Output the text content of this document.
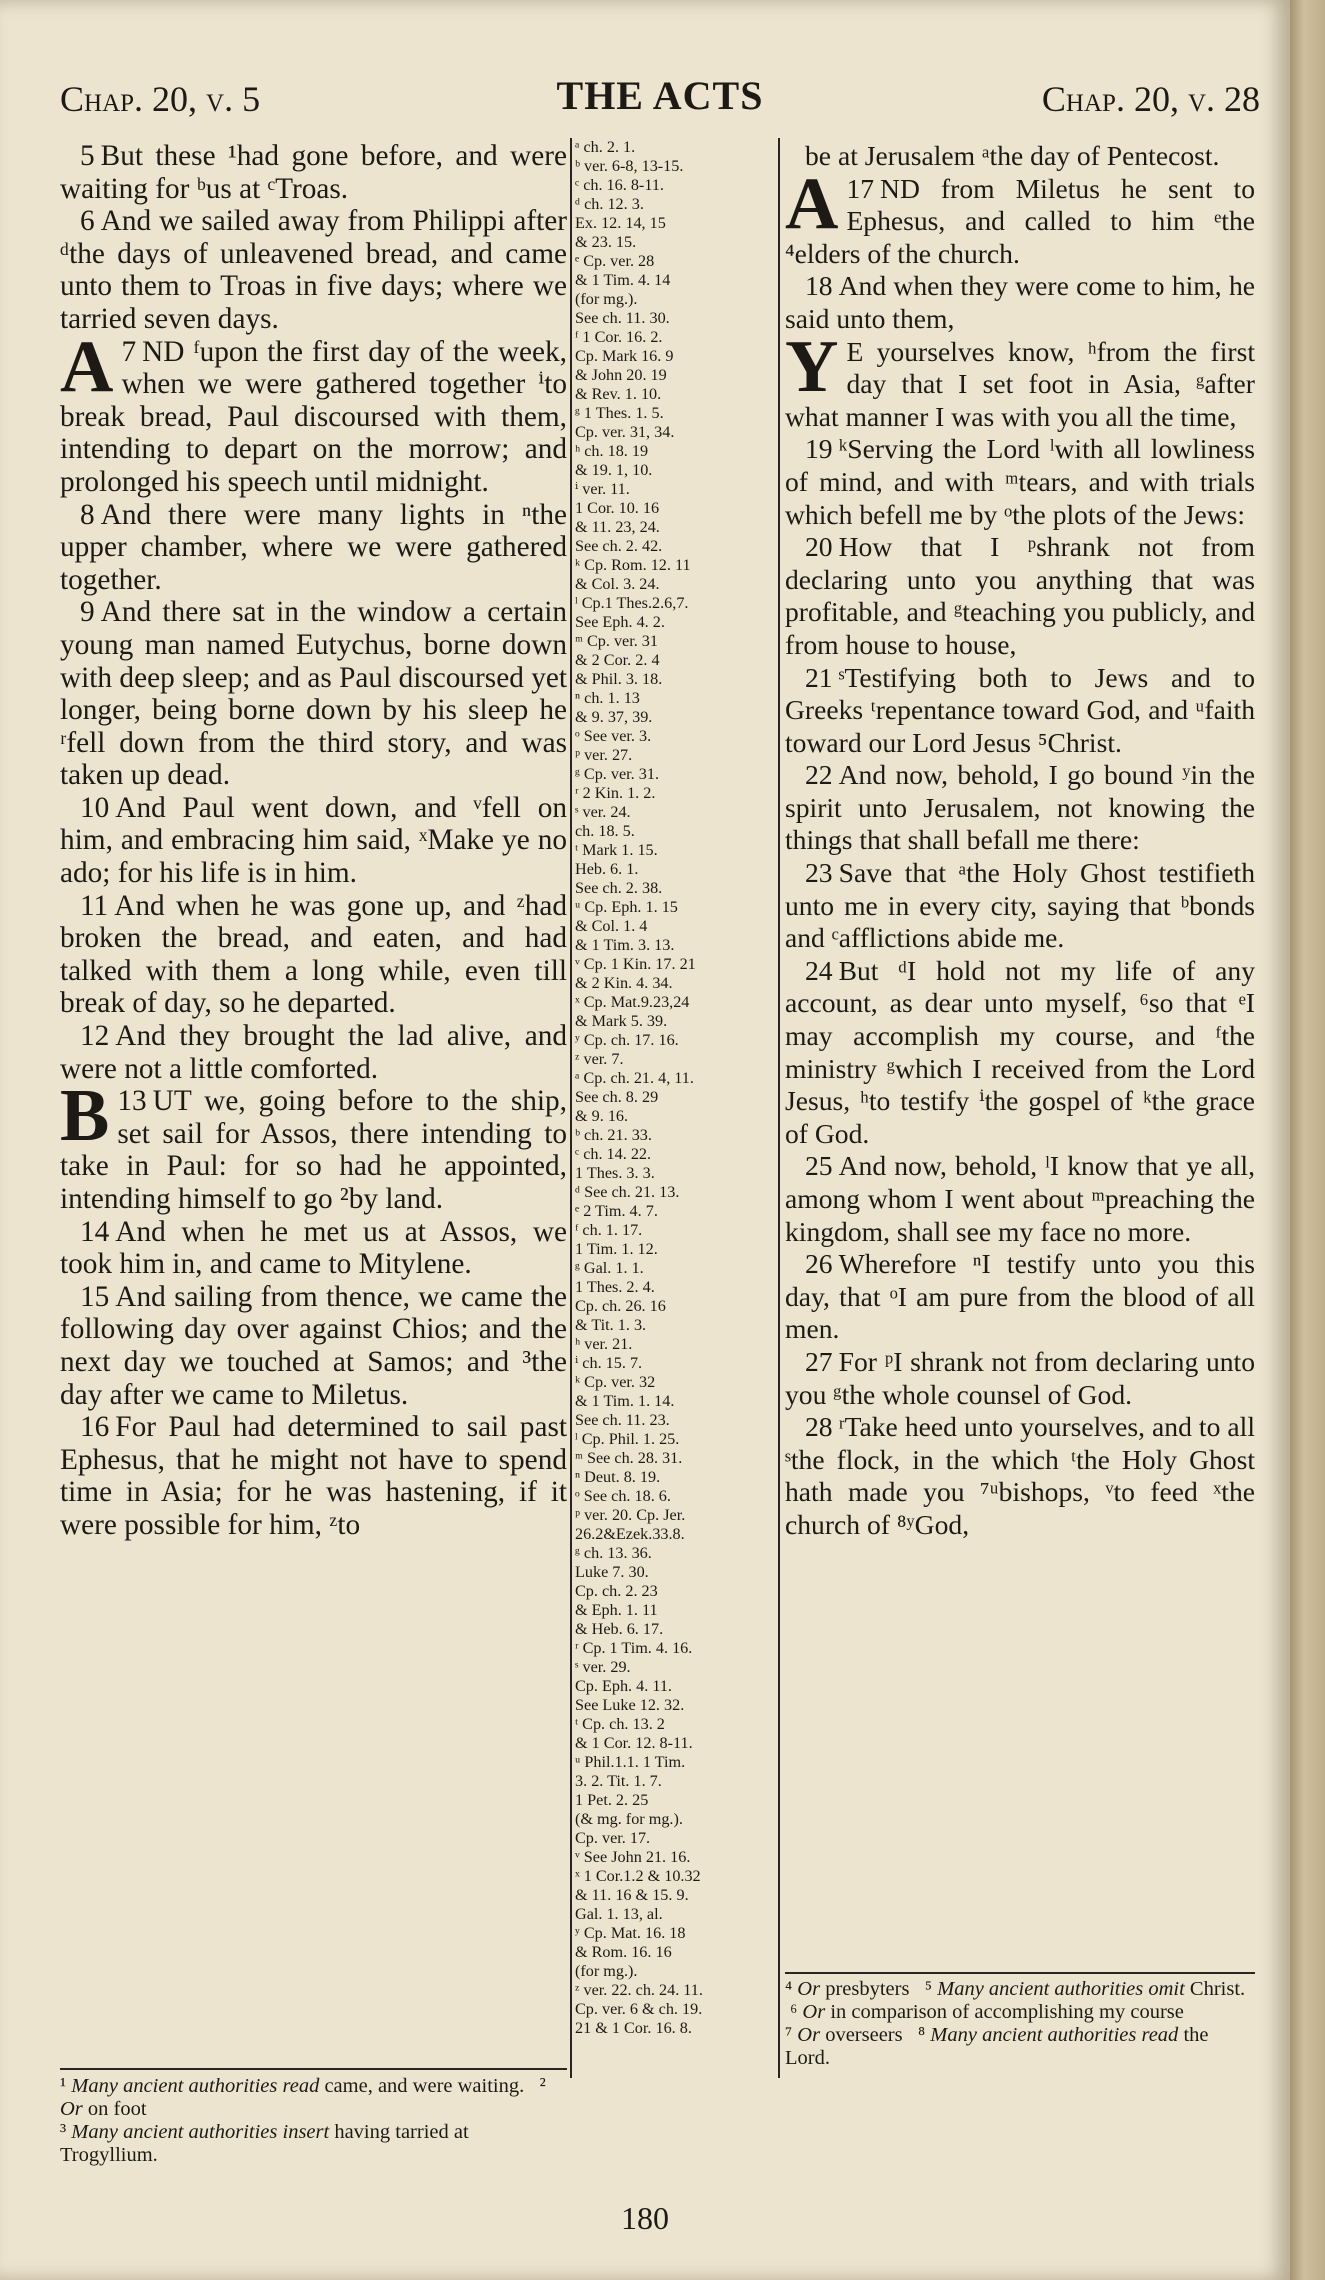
Chap. 20, v. 5	THE ACTS	Chap. 20, v. 28

5 But these ¹had gone before, and were waiting for ᵇus at ᶜTroas.

6 And we sailed away from Philippi after ᵈthe days of unleavened bread, and came unto them to Troas in five days; where we tarried seven days.

7
A ND ᶠupon the first day of the week, when we were gathered together ⁱto break bread, Paul discoursed with them, intending to depart on the morrow; and prolonged his speech until midnight.

8 And there were many lights in ⁿthe upper chamber, where we were gathered together.

9 And there sat in the window a certain young man named Eutychus, borne down with deep sleep; and as Paul discoursed yet longer, being borne down by his sleep he ʳfell down from the third story, and was taken up dead.

10 And Paul went down, and ᵛfell on him, and embracing him said, ˣMake ye no ado; for his life is in him.

11 And when he was gone up, and ᶻhad broken the bread, and eaten, and had talked with them a long while, even till break of day, so he departed.

12 And they brought the lad alive, and were not a little comforted.

13
B UT we, going before to the ship, set sail for Assos, there intending to take in Paul: for so had he appointed, intending himself to go ²by land.

14 And when he met us at Assos, we took him in, and came to Mitylene.

15 And sailing from thence, we came the following day over against Chios; and the next day we touched at Samos; and ³the day after we came to Miletus.

16 For Paul had determined to sail past Ephesus, that he might not have to spend time in Asia; for he was hastening, if it were possible for him, ᶻto

ᵃ ch. 2. 1.
ᵇ ver. 6-8, 13-15.
ᶜ ch. 16. 8-11.
ᵈ ch. 12. 3.
Ex. 12. 14, 15
& 23. 15.
ᵉ Cp. ver. 28
& 1 Tim. 4. 14
(for mg.).
See ch. 11. 30.
ᶠ 1 Cor. 16. 2.
Cp. Mark 16. 9
& John 20. 19
& Rev. 1. 10.
ᵍ 1 Thes. 1. 5.
Cp. ver. 31, 34.
ʰ ch. 18. 19
& 19. 1, 10.
ⁱ ver. 11.
1 Cor. 10. 16
& 11. 23, 24.
See ch. 2. 42.
ᵏ Cp. Rom. 12. 11
& Col. 3. 24.
ˡ Cp.1 Thes.2.6,7.
See Eph. 4. 2.
ᵐ Cp. ver. 31
& 2 Cor. 2. 4
& Phil. 3. 18.
ⁿ ch. 1. 13
& 9. 37, 39.
ᵒ See ver. 3.
ᵖ ver. 27.
ᵍ Cp. ver. 31.
ʳ 2 Kin. 1. 2.
ˢ ver. 24.
ch. 18. 5.
ᵗ Mark 1. 15.
Heb. 6. 1.
See ch. 2. 38.
ᵘ Cp. Eph. 1. 15
& Col. 1. 4
& 1 Tim. 3. 13.
ᵛ Cp. 1 Kin. 17. 21
& 2 Kin. 4. 34.
ˣ Cp. Mat.9.23,24
& Mark 5. 39.
ʸ Cp. ch. 17. 16.
ᶻ ver. 7.
ᵃ Cp. ch. 21. 4, 11.
See ch. 8. 29
& 9. 16.
ᵇ ch. 21. 33.
ᶜ ch. 14. 22.
1 Thes. 3. 3.
ᵈ See ch. 21. 13.
ᵉ 2 Tim. 4. 7.
ᶠ ch. 1. 17.
1 Tim. 1. 12.
ᵍ Gal. 1. 1.
1 Thes. 2. 4.
Cp. ch. 26. 16
& Tit. 1. 3.
ʰ ver. 21.
ⁱ ch. 15. 7.
ᵏ Cp. ver. 32
& 1 Tim. 1. 14.
See ch. 11. 23.
ˡ Cp. Phil. 1. 25.
ᵐ See ch. 28. 31.
ⁿ Deut. 8. 19.
ᵒ See ch. 18. 6.
ᵖ ver. 20. Cp. Jer.
26.2&Ezek.33.8.
ᵍ ch. 13. 36.
Luke 7. 30.
Cp. ch. 2. 23
& Eph. 1. 11
& Heb. 6. 17.
ʳ Cp. 1 Tim. 4. 16.
ˢ ver. 29.
Cp. Eph. 4. 11.
See Luke 12. 32.
ᵗ Cp. ch. 13. 2
& 1 Cor. 12. 8-11.
ᵘ Phil.1.1. 1 Tim.
3. 2. Tit. 1. 7.
1 Pet. 2. 25
(& mg. for mg.).
Cp. ver. 17.
ᵛ See John 21. 16.
ˣ 1 Cor.1.2 & 10.32
& 11. 16 & 15. 9.
Gal. 1. 13, al.
ʸ Cp. Mat. 16. 18
& Rom. 16. 16
(for mg.).
ᶻ ver. 22. ch. 24. 11.
Cp. ver. 6 & ch. 19.
21 & 1 Cor. 16. 8.

be at Jerusalem ᵃthe day of Pentecost.

17
A ND from Miletus he sent to Ephesus, and called to him ᵉthe ⁴elders of the church.

18 And when they were come to him, he said unto them,

Y E yourselves know, ʰfrom the first day that I set foot in Asia, ᵍafter what manner I was with you all the time,

19 ᵏServing the Lord ˡwith all lowliness of mind, and with ᵐtears, and with trials which befell me by ᵒthe plots of the Jews:

20 How that I ᵖshrank not from declaring unto you anything that was profitable, and ᵍteaching you publicly, and from house to house,

21 ˢTestifying both to Jews and to Greeks ᵗrepentance toward God, and ᵘfaith toward our Lord Jesus ⁵Christ.

22 And now, behold, I go bound ʸin the spirit unto Jerusalem, not knowing the things that shall befall me there:

23 Save that ᵃthe Holy Ghost testifieth unto me in every city, saying that ᵇbonds and ᶜafflictions abide me.

24 But ᵈI hold not my life of any account, as dear unto myself, ⁶so that ᵉI may accomplish my course, and ᶠthe ministry ᵍwhich I received from the Lord Jesus, ʰto testify ⁱthe gospel of ᵏthe grace of God.

25 And now, behold, ˡI know that ye all, among whom I went about ᵐpreaching the kingdom, shall see my face no more.

26 Wherefore ⁿI testify unto you this day, that ᵒI am pure from the blood of all men.

27 For ᵖI shrank not from declaring unto you ᵍthe whole counsel of God.

28 ʳTake heed unto yourselves, and to all ˢthe flock, in the which ᵗthe Holy Ghost hath made you ⁷ᵘbishops, ᵛto feed ˣthe church of ⁸ʸGod,

¹ Many ancient authorities read came, and were waiting. ² Or on foot
³ Many ancient authorities insert having tarried at Trogyllium.
⁴ Or presbyters ⁵ Many ancient authorities omit Christ.  ⁶ Or in comparison of accomplishing my course
⁷ Or overseers ⁸ Many ancient authorities read the Lord.
180
